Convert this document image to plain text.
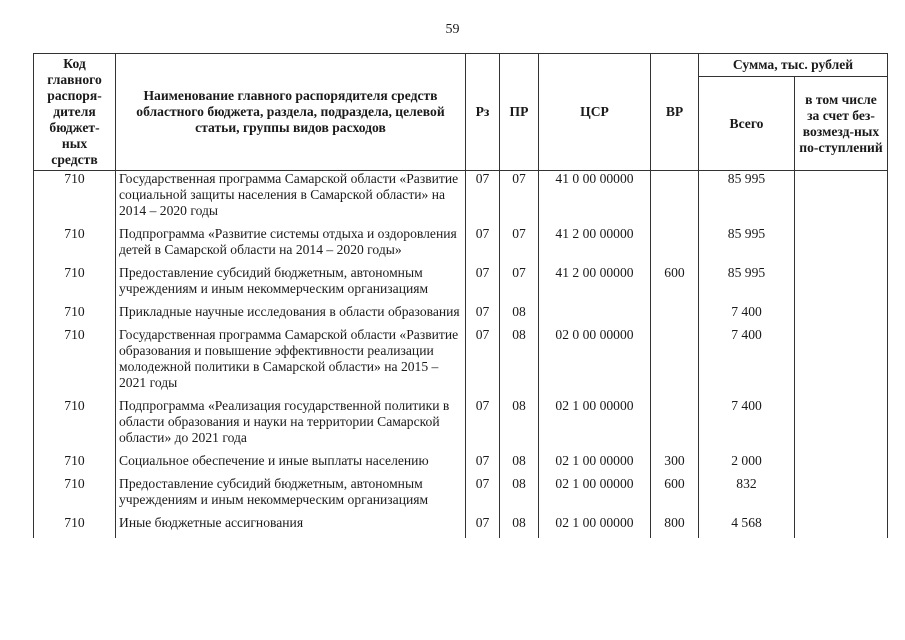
59
Код главного распоря-дителя бюджет-ных средств	Наименование главного распорядителя средств областного бюджета, раздела, подраздела, целевой статьи, группы видов расходов	Рз	ПР	ЦСР	ВР	Сумма, тыс. рублей	
						Всего	в том числе за счет без-возмезд-ных по-ступлений
710	Государственная программа Самарской области «Развитие социальной защиты населения в Самарской области» на 2014 – 2020 годы	07	07	41 0 00 00000		85 995	
710	Подпрограмма «Развитие системы отдыха и оздоровления детей в Самарской области на 2014 – 2020 годы»	07	07	41 2 00 00000		85 995	
710	Предоставление субсидий бюджетным, автономным учреждениям и иным некоммерческим организациям	07	07	41 2 00 00000	600	85 995	
710	Прикладные научные исследования в области образования	07	08			7 400	
710	Государственная программа Самарской области «Развитие образования и повышение эффективности реализации молодежной политики в Самарской области» на 2015 – 2021 годы	07	08	02 0 00 00000		7 400	
710	Подпрограмма «Реализация государственной политики в области образования и науки на территории Самарской области» до 2021 года	07	08	02 1 00 00000		7 400	
710	Социальное обеспечение и иные выплаты населению	07	08	02 1 00 00000	300	2 000	
710	Предоставление субсидий бюджетным, автономным учреждениям и иным некоммерческим организациям	07	08	02 1 00 00000	600	832	
710	Иные бюджетные ассигнования	07	08	02 1 00 00000	800	4 568	
